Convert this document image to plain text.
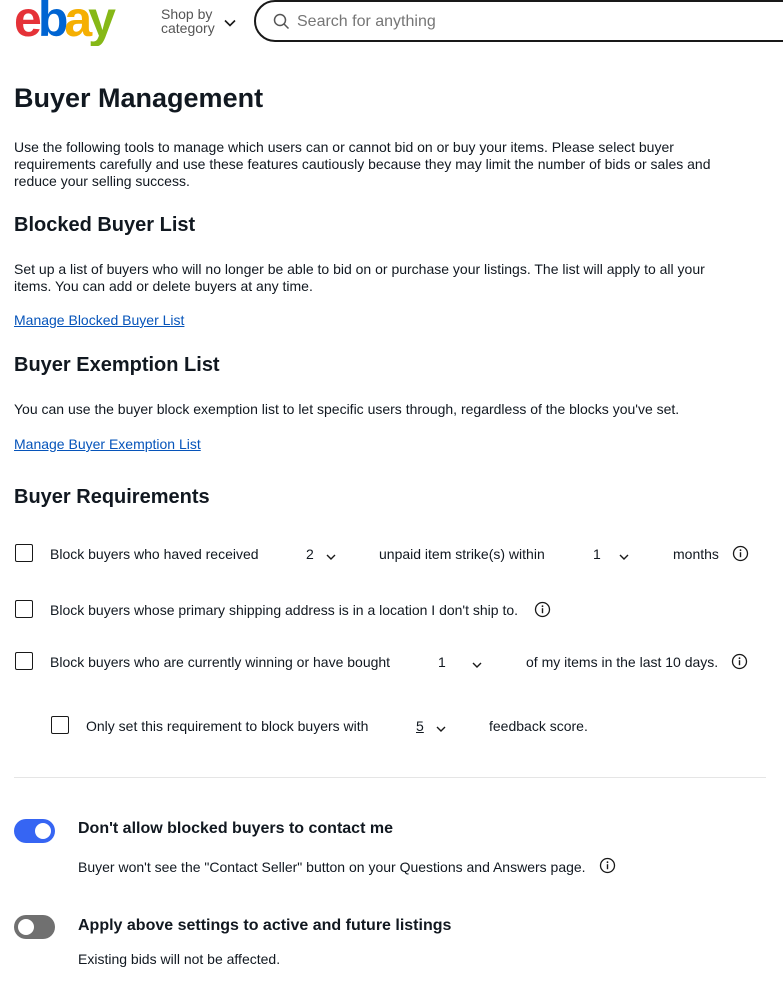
ebay	Shop by
category
Search for anything
Buyer Management
Use the following tools to manage which users can or cannot bid on or buy your items. Please select buyer requirements carefully and use these features cautiously because they may limit the number of bids or sales and reduce your selling success.
Blocked Buyer List
Set up a list of buyers who will no longer be able to bid on or purchase your listings. The list will apply to all your items. You can add or delete buyers at any time.
Manage Blocked Buyer List
Buyer Exemption List
You can use the buyer block exemption list to let specific users through, regardless of the blocks you've set.
Manage Buyer Exemption List
Buyer Requirements
Block buyers who haved received	2	unpaid item strike(s) within	1	months
Block buyers whose primary shipping address is in a location I don't ship to.
Block buyers who are currently winning or have bought	1	of my items in the last 10 days.
Only set this requirement to block buyers with	5	feedback score.
Don't allow blocked buyers to contact me
Buyer won't see the "Contact Seller" button on your Questions and Answers page.
Apply above settings to active and future listings
Existing bids will not be affected.
